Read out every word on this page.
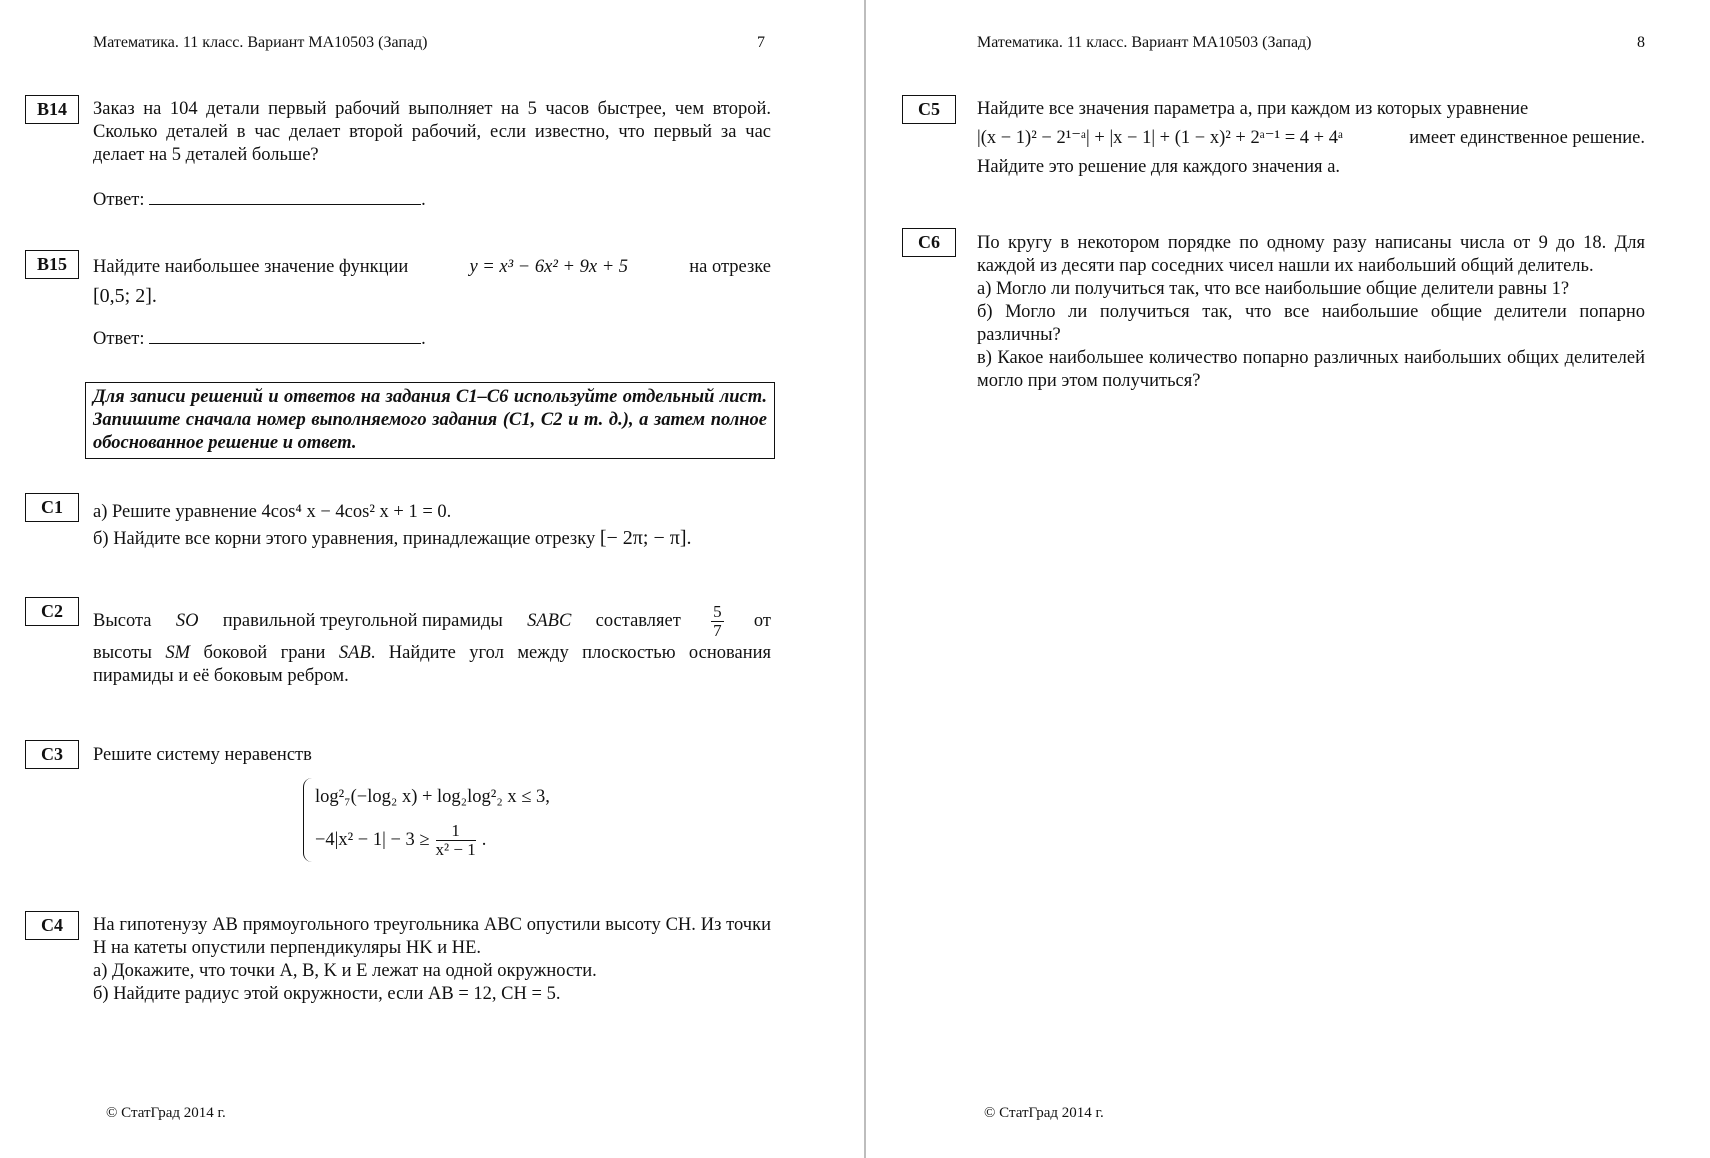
Математика. 11 класс. Вариант МА10503 (Запад)	7
B14	Заказ на 104 детали первый рабочий выполняет на 5 часов быстрее, чем второй. Сколько деталей в час делает второй рабочий, если известно, что первый за час делает на 5 деталей больше?

Ответ:	.

B15	Найдите наибольшее значение функции	y = x³ − 6x² + 9x + 5	на отрезке

[0,5; 2].

Ответ:	.

Для записи решений и ответов на задания С1–С6 используйте отдельный лист. Запишите сначала номер выполняемого задания (С1, С2 и т. д.), а затем полное обоснованное решение и ответ.
C1	а) Решите уравнение 4cos⁴ x − 4cos² x + 1 = 0.

б) Найдите все корни этого уравнения, принадлежащие отрезку [− 2π; − π].

C2	Высота SO правильной треугольной пирамиды SABC составляет $\frac{5}{7}$ от

высоты SM боковой грани SAB. Найдите угол между плоскостью основания пирамиды и её боковым ребром.

C3	Решите систему неравенств

log²₇(−log₂ x) + log₂log²₂ x ≤ 3,
$-4|x^2 - 1| - 3 \ge \frac{1}{\text{x² − 1}}$ .
C4	На гипотенузу AB прямоугольного треугольника ABC опустили высоту CH. Из точки H на катеты опустили перпендикуляры HK и HE.

а) Докажите, что точки A, B, K и E лежат на одной окружности.

б) Найдите радиус этой окружности, если AB = 12, CH = 5.

© СтатГрад 2014 г.
Математика. 11 класс. Вариант МА10503 (Запад)	8
C5	Найдите все значения параметра a, при каждом из которых уравнение

|(x − 1)² − 2¹⁻ᵃ| + |x − 1| + (1 − x)² + 2ᵃ⁻¹ = 4 + 4ᵃ	имеет единственное решение.

Найдите это решение для каждого значения a.

C6	По кругу в некотором порядке по одному разу написаны числа от 9 до 18. Для каждой из десяти пар соседних чисел нашли их наибольший общий делитель.

а) Могло ли получиться так, что все наибольшие общие делители равны 1?

б) Могло ли получиться так, что все наибольшие общие делители попарно различны?

в) Какое наибольшее количество попарно различных наибольших общих делителей могло при этом получиться?

© СтатГрад 2014 г.
